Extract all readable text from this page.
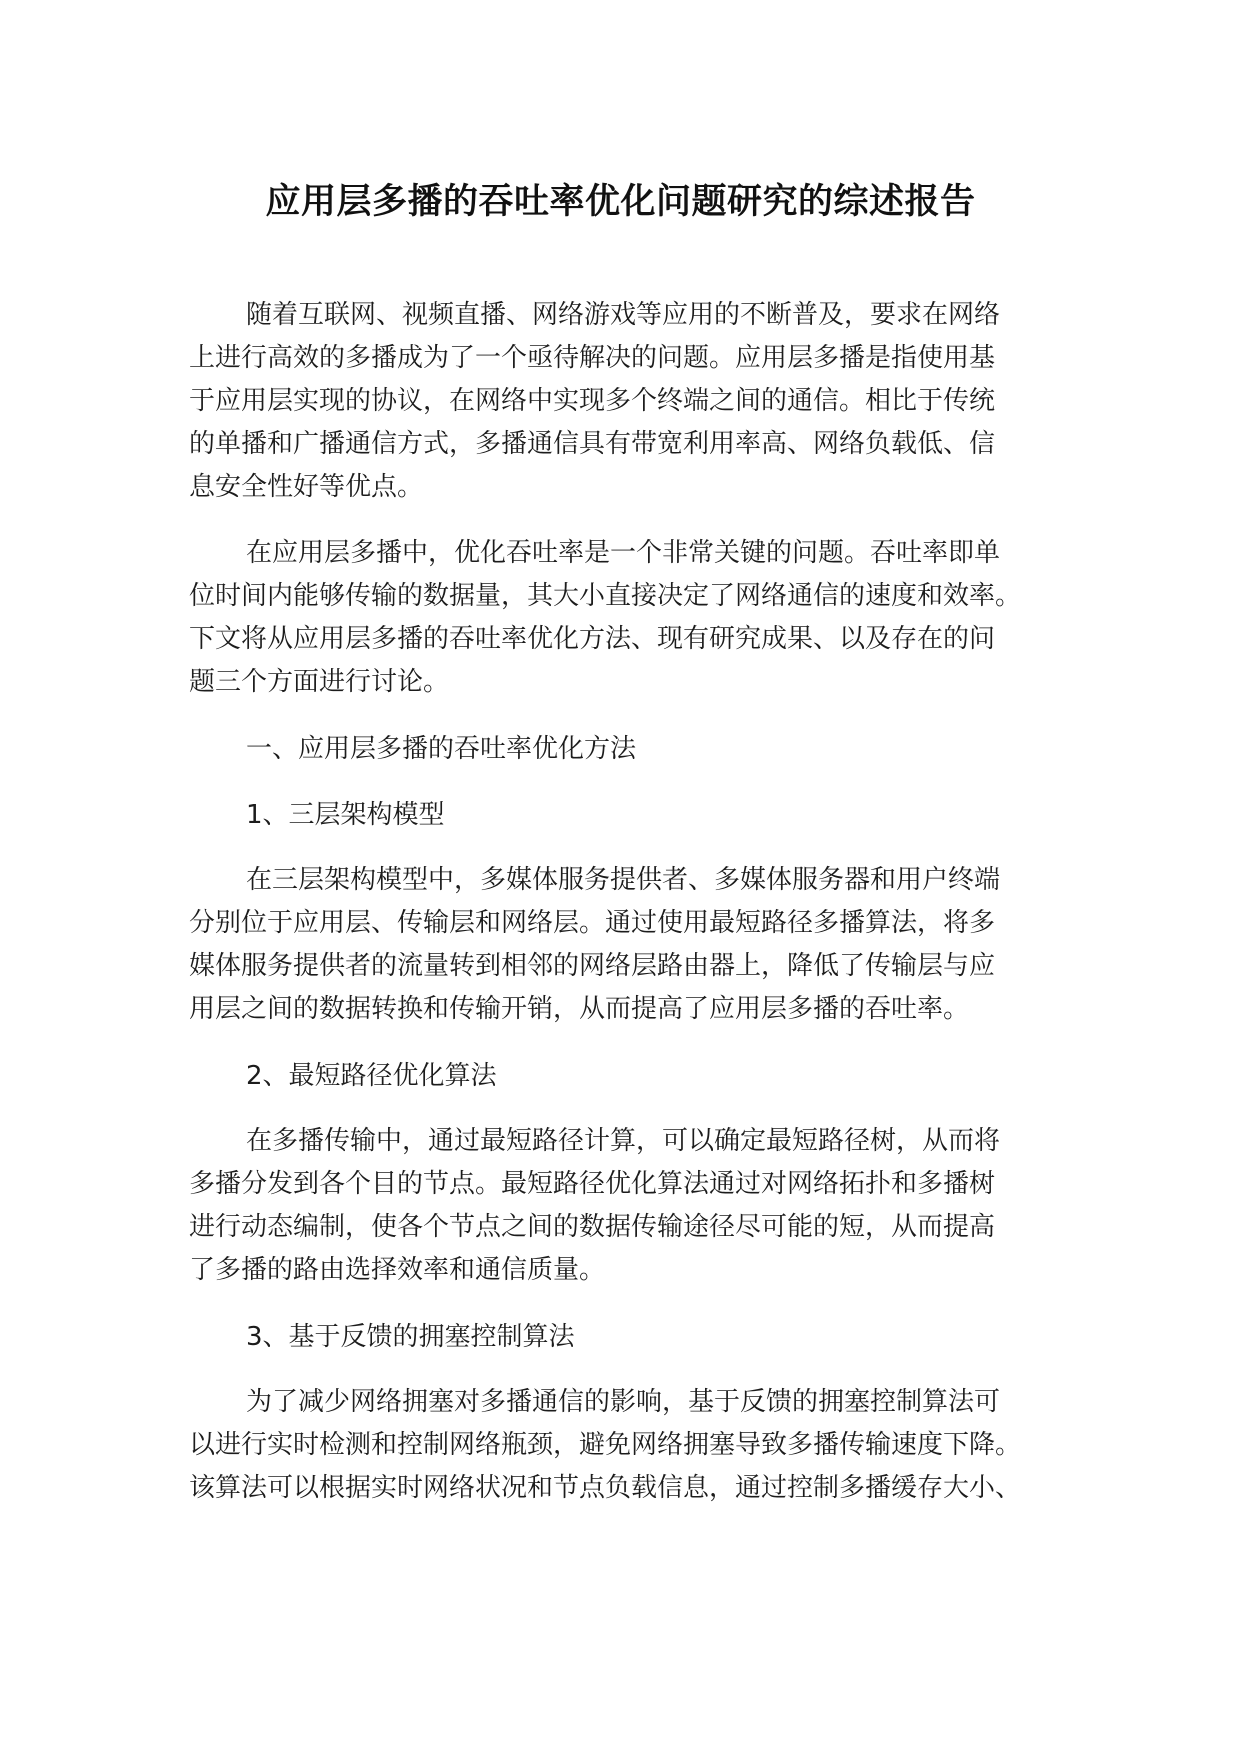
应用层多播的吞吐率优化问题研究的综述报告

随着互联网、视频直播、网络游戏等应用的不断普及，要求在网络
上进行高效的多播成为了一个亟待解决的问题。应用层多播是指使用基
于应用层实现的协议，在网络中实现多个终端之间的通信。相比于传统
的单播和广播通信方式，多播通信具有带宽利用率高、网络负载低、信
息安全性好等优点。

在应用层多播中，优化吞吐率是一个非常关键的问题。吞吐率即单
位时间内能够传输的数据量，其大小直接决定了网络通信的速度和效率。
下文将从应用层多播的吞吐率优化方法、现有研究成果、以及存在的问
题三个方面进行讨论。

一、应用层多播的吞吐率优化方法

1、三层架构模型

在三层架构模型中，多媒体服务提供者、多媒体服务器和用户终端
分别位于应用层、传输层和网络层。通过使用最短路径多播算法，将多
媒体服务提供者的流量转到相邻的网络层路由器上，降低了传输层与应
用层之间的数据转换和传输开销，从而提高了应用层多播的吞吐率。

2、最短路径优化算法

在多播传输中，通过最短路径计算，可以确定最短路径树，从而将
多播分发到各个目的节点。最短路径优化算法通过对网络拓扑和多播树
进行动态编制，使各个节点之间的数据传输途径尽可能的短，从而提高
了多播的路由选择效率和通信质量。

3、基于反馈的拥塞控制算法

为了减少网络拥塞对多播通信的影响，基于反馈的拥塞控制算法可
以进行实时检测和控制网络瓶颈，避免网络拥塞导致多播传输速度下降。
该算法可以根据实时网络状况和节点负载信息，通过控制多播缓存大小、
